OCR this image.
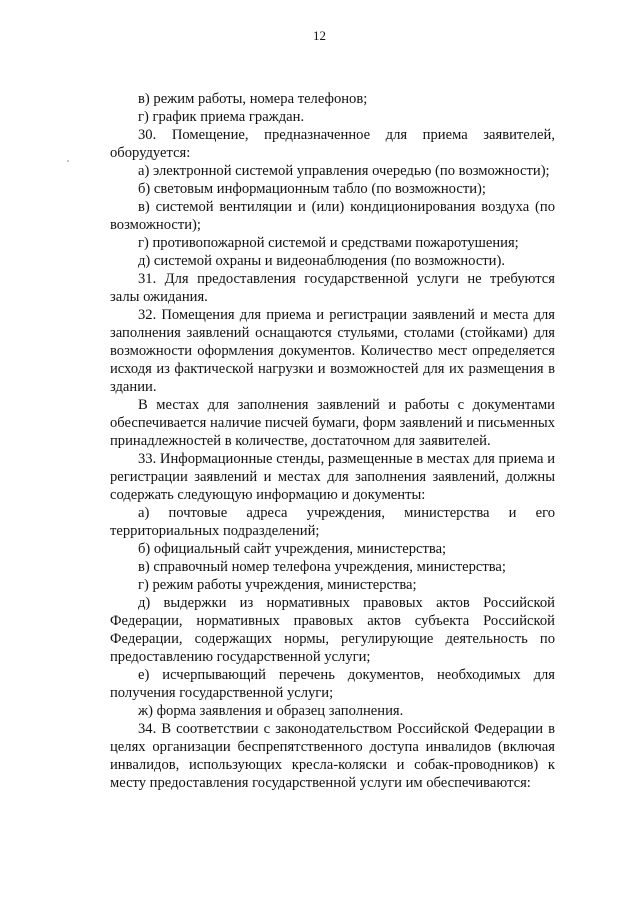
12

в) режим работы, номера телефонов;

г) график приема граждан.

30. Помещение, предназначенное для приема заявителей, оборудуется:

а) электронной системой управления очередью (по возможности);

б) световым информационным табло (по возможности);

в) системой вентиляции и (или) кондиционирования воздуха (по возможности);

г) противопожарной системой и средствами пожаротушения;

д) системой охраны и видеонаблюдения (по возможности).

31. Для предоставления государственной услуги не требуются залы ожидания.

32. Помещения для приема и регистрации заявлений и места для заполнения заявлений оснащаются стульями, столами (стойками) для возможности оформления документов. Количество мест определяется исходя из фактической нагрузки и возможностей для их размещения в здании.

В местах для заполнения заявлений и работы с документами обеспечивается наличие писчей бумаги, форм заявлений и письменных принадлежностей в количестве, достаточном для заявителей.

33. Информационные стенды, размещенные в местах для приема и регистрации заявлений и местах для заполнения заявлений, должны содержать следующую информацию и документы:

а) почтовые адреса учреждения, министерства и его территориальных подразделений;

б) официальный сайт учреждения, министерства;

в) справочный номер телефона учреждения, министерства;

г) режим работы учреждения, министерства;

д) выдержки из нормативных правовых актов Российской Федерации, нормативных правовых актов субъекта Российской Федерации, содержащих нормы, регулирующие деятельность по предоставлению государственной услуги;

е) исчерпывающий перечень документов, необходимых для получения государственной услуги;

ж) форма заявления и образец заполнения.

34. В соответствии с законодательством Российской Федерации в целях организации беспрепятственного доступа инвалидов (включая инвалидов, использующих кресла-коляски и собак-проводников) к месту предоставления государственной услуги им обеспечиваются:
